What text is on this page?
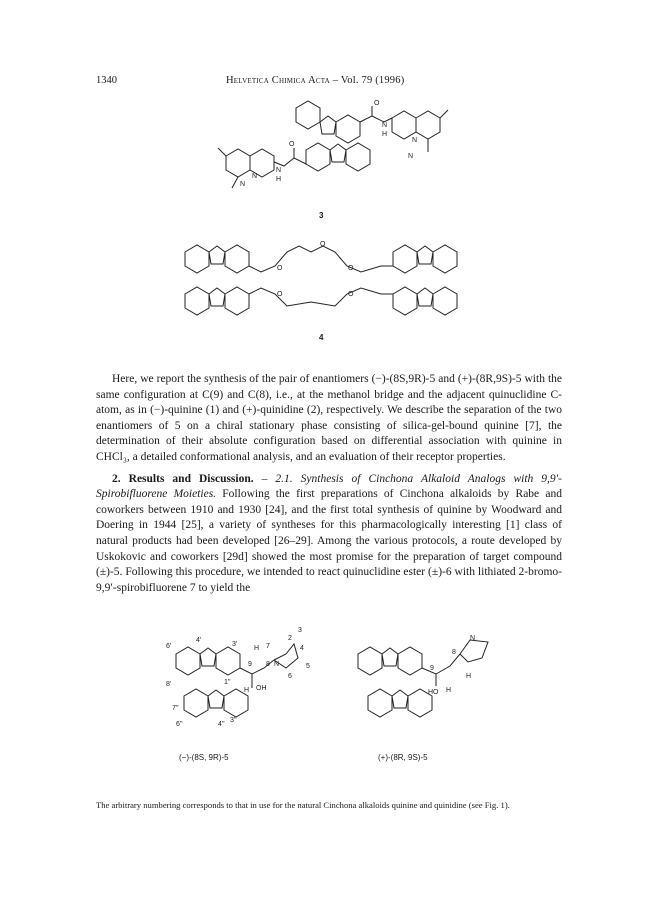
1340	Helvetica Chimica Acta – Vol. 79 (1996)
O
N
H
N
N
O
N
H
N
N
3
O
O
O
O	O
4

Here, we report the synthesis of the pair of enantiomers (−)-(8S,9R)-5 and (+)-(8R,9S)-5 with the same configuration at C(9) and C(8), i.e., at the methanol bridge and the adjacent quinuclidine C-atom, as in (−)-quinine (1) and (+)-quinidine (2), respectively. We describe the separation of the two enantiomers of 5 on a chiral stationary phase consisting of silica-gel-bound quinine [7], the determination of their absolute configuration based on differential association with quinine in CHCl₃, a detailed conformational analysis, and an evaluation of their receptor properties.

2. Results and Discussion. – 2.1. Synthesis of Cinchona Alkaloid Analogs with 9,9′-Spirobifluorene Moieties. Following the first preparations of Cinchona alkaloids by Rabe and coworkers between 1910 and 1930 [24], and the first total synthesis of quinine by Woodward and Doering in 1944 [25], a variety of syntheses for this pharmacologically interesting [1] class of natural products had been developed [26–29]. Among the various protocols, a route developed by Uskokovic and coworkers [29d] showed the most promise for the preparation of target compound (±)-5. Following this procedure, we intended to react quinuclidine ester (±)-6 with lithiated 2-bromo-9,9′-spirobifluorene 7 to yield the

6'
4'
3'
8'	1''
7''
6''	4''
3''
H 7
2
3
4
9 8 N	5
6
H OH
(−)-(8S, 9R)-5
N
9
8
H
HO H
(+)-(8R, 9S)-5
The arbitrary numbering corresponds to that in use for the natural Cinchona alkaloids quinine and quinidine (see Fig. 1).
